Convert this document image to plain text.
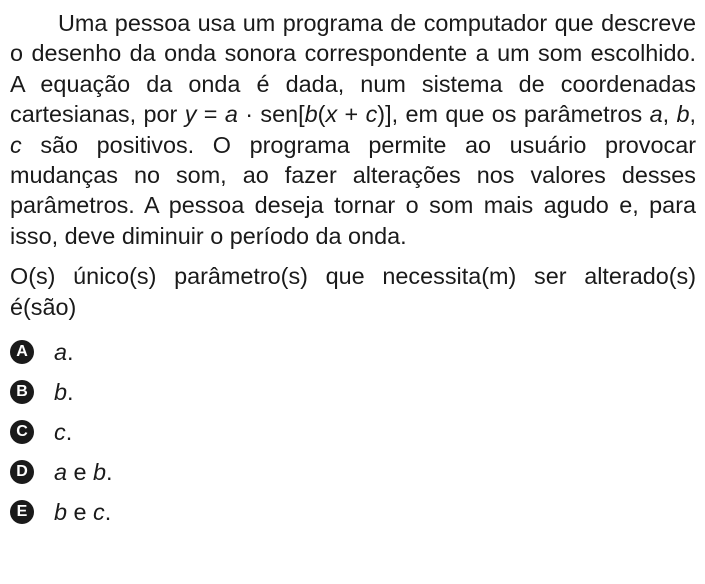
Uma pessoa usa um programa de computador que descreve o desenho da onda sonora correspondente a um som escolhido. A equação da onda é dada, num sistema de coordenadas cartesianas, por y = a · sen[b(x + c)], em que os parâmetros a, b, c são positivos. O programa permite ao usuário provocar mudanças no som, ao fazer alterações nos valores desses parâmetros. A pessoa deseja tornar o som mais agudo e, para isso, deve diminuir o período da onda.

O(s) único(s) parâmetro(s) que necessita(m) ser alterado(s) é(são)

A a.
B b.
C c.
D a e b.
E b e c.
